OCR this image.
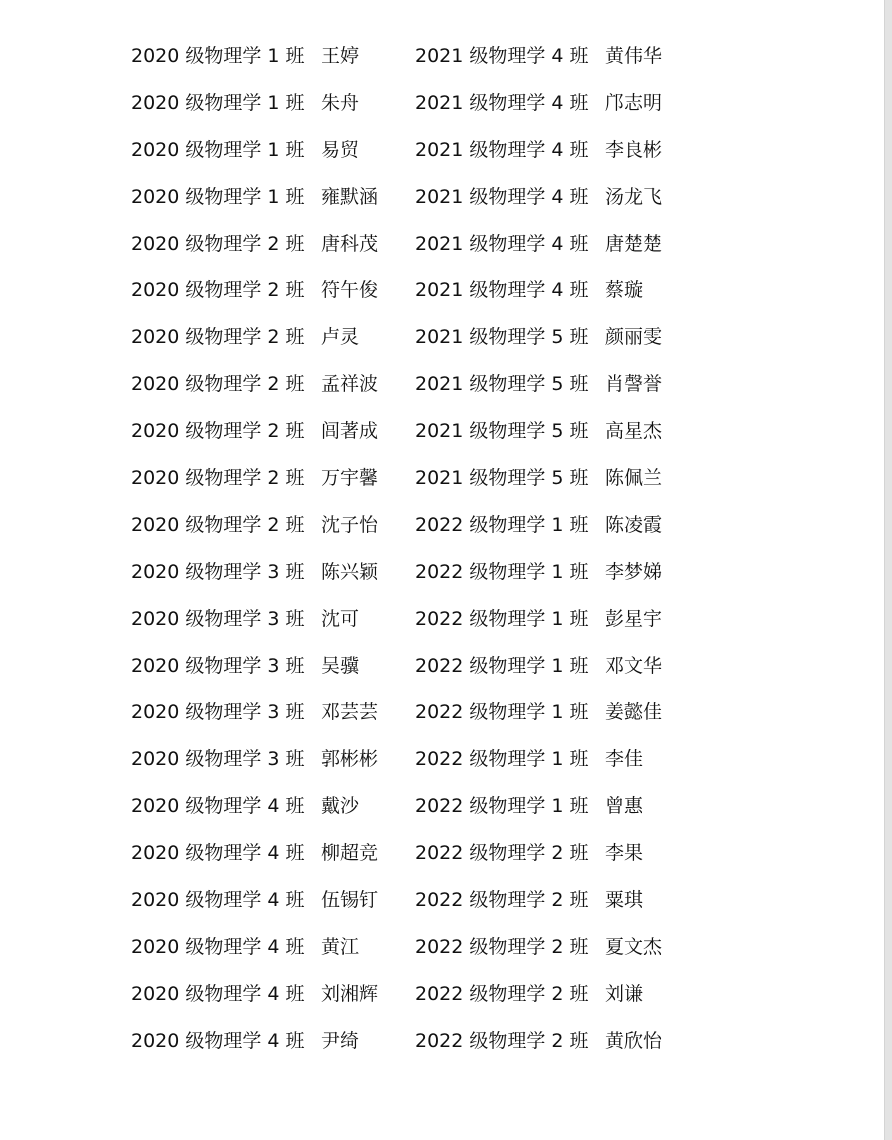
2020 级物理学 1 班 王婷	2021 级物理学 4 班 黄伟华
2020 级物理学 1 班 朱舟	2021 级物理学 4 班 邝志明
2020 级物理学 1 班 易贸	2021 级物理学 4 班 李良彬
2020 级物理学 1 班 雍默涵 2021 级物理学 4 班 汤龙飞
2020 级物理学 2 班 唐科茂 2021 级物理学 4 班 唐楚楚
2020 级物理学 2 班 符午俊 2021 级物理学 4 班 蔡璇
2020 级物理学 2 班 卢灵	2021 级物理学 5 班 颜丽雯
2020 级物理学 2 班 孟祥波 2021 级物理学 5 班 肖謦誉
2020 级物理学 2 班 闾著成 2021 级物理学 5 班 高星杰
2020 级物理学 2 班 万宇馨 2021 级物理学 5 班 陈佩兰
2020 级物理学 2 班 沈子怡 2022 级物理学 1 班 陈凌霞
2020 级物理学 3 班 陈兴颖 2022 级物理学 1 班 李梦娣
2020 级物理学 3 班 沈可	2022 级物理学 1 班 彭星宇
2020 级物理学 3 班 吴骥	2022 级物理学 1 班 邓文华
2020 级物理学 3 班 邓芸芸 2022 级物理学 1 班 姜懿佳
2020 级物理学 3 班 郭彬彬 2022 级物理学 1 班 李佳
2020 级物理学 4 班 戴沙	2022 级物理学 1 班 曾惠
2020 级物理学 4 班 柳超竞 2022 级物理学 2 班 李果
2020 级物理学 4 班 伍锡钉 2022 级物理学 2 班 粟琪
2020 级物理学 4 班 黄江	2022 级物理学 2 班 夏文杰
2020 级物理学 4 班 刘湘辉 2022 级物理学 2 班 刘谦
2020 级物理学 4 班 尹绮	2022 级物理学 2 班 黄欣怡
